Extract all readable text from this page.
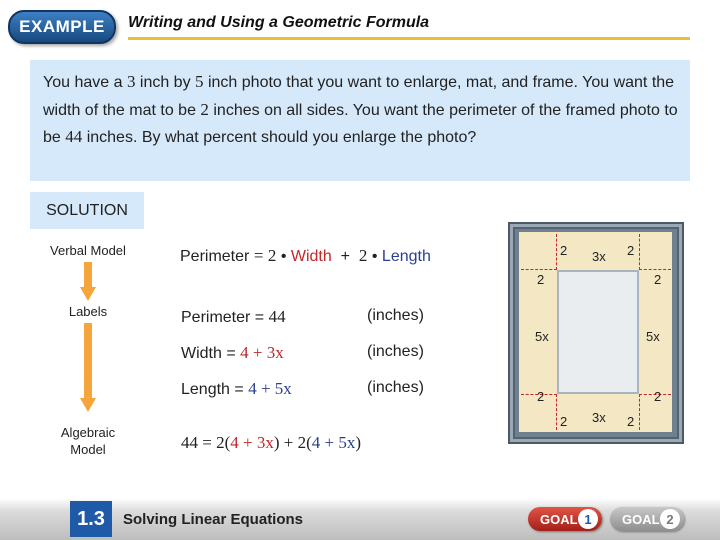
EXAMPLE	Writing and Using a Geometric Formula
You have a 3 inch by 5 inch photo that you want to enlarge, mat, and frame. You want the width of the mat to be 2 inches on all sides. You want the perimeter of the framed photo to be 44 inches. By what percent should you enlarge the photo?
SOLUTION
Verbal Model
Labels
Algebraic
Model
Perimeter = 2 • Width + 2 • Length
Perimeter = 44	(inches)
Width = 4 + 3x	(inches)
Length = 4 + 5x	(inches)
44 = 2(4 + 3x) + 2(4 + 5x)
2 3x 2
2	2
5x	5x
2	2
2 3x 2
1.3	Solving Linear Equations	GOAL 1	GOAL 2
